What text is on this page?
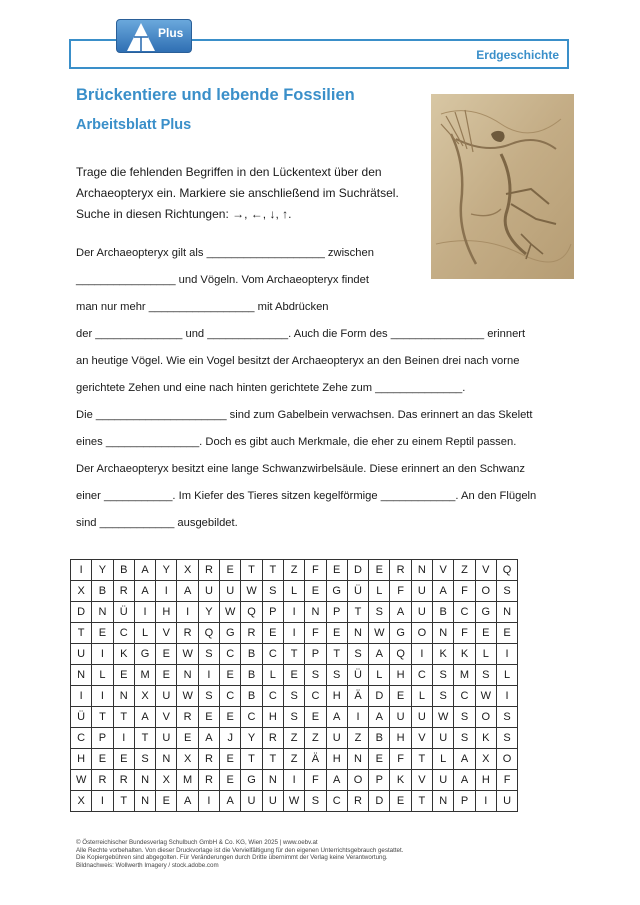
Erdgeschichte
Plus
Brückentiere und lebende Fossilien
Arbeitsblatt Plus
Trage die fehlenden Begriffen in den Lückentext über den
Archaeopteryx ein. Markiere sie anschließend im Suchrätsel.
Suche in diesen Richtungen: →, ←, ↓, ↑.
Der Archaeopteryx gilt als ___________________ zwischen
________________ und Vögeln. Vom Archaeopteryx findet
man nur mehr _________________ mit Abdrücken
der ______________ und _____________. Auch die Form des _______________ erinnert
an heutige Vögel. Wie ein Vogel besitzt der Archaeopteryx an den Beinen drei nach vorne
gerichtete Zehen und eine nach hinten gerichtete Zehe zum ______________.
Die _____________________ sind zum Gabelbein verwachsen. Das erinnert an das Skelett
eines _______________. Doch es gibt auch Merkmale, die eher zu einem Reptil passen.
Der Archaeopteryx besitzt eine lange Schwanzwirbelsäule. Diese erinnert an den Schwanz
einer ___________. Im Kiefer des Tieres sitzen kegelförmige ____________. An den Flügeln
sind ____________ ausgebildet.
I	Y	B	A	Y	X	R	E	T	T	Z	F	E	D	E	R	N	V	Z	V	Q
X	B	R	A	I	A	U	U	W	S	L	E	G	Ü	L	F	U	A	F	O	S
D	N	Ü	I	H	I	Y	W	Q	P	I	N	P	T	S	A	U	B	C	G	N
T	E	C	L	V	R	Q	G	R	E	I	F	E	N	W	G	O	N	F	E	E
U	I	K	G	E	W	S	C	B	C	T	P	T	S	A	Q	I	K	K	L	I
N	L	E	M	E	N	I	E	B	L	E	S	S	Ü	L	H	C	S	M	S	L
I	I	N	X	U	W	S	C	B	C	S	C	H	Ä	D	E	L	S	C	W	I
Ü	T	T	A	V	R	E	E	C	H	S	E	A	I	A	U	U	W	S	O	S
C	P	I	T	U	E	A	J	Y	R	Z	Z	U	Z	B	H	V	U	S	K	S
H	E	E	S	N	X	R	E	T	T	Z	Ä	H	N	E	F	T	L	A	X	O
W	R	R	N	X	M	R	E	G	N	I	F	A	O	P	K	V	U	A	H	F
X	I	T	N	E	A	I	A	U	U	W	S	C	R	D	E	T	N	P	I	U
© Österreichischer Bundesverlag Schulbuch GmbH & Co. KG, Wien 2025 | www.oebv.at
Alle Rechte vorbehalten. Von dieser Druckvorlage ist die Vervielfältigung für den eigenen Unterrichtsgebrauch gestattet.
Die Kopiergebühren sind abgegolten. Für Veränderungen durch Dritte übernimmt der Verlag keine Verantwortung.
Bildnachweis: Wollwerth Imagery / stock.adobe.com
